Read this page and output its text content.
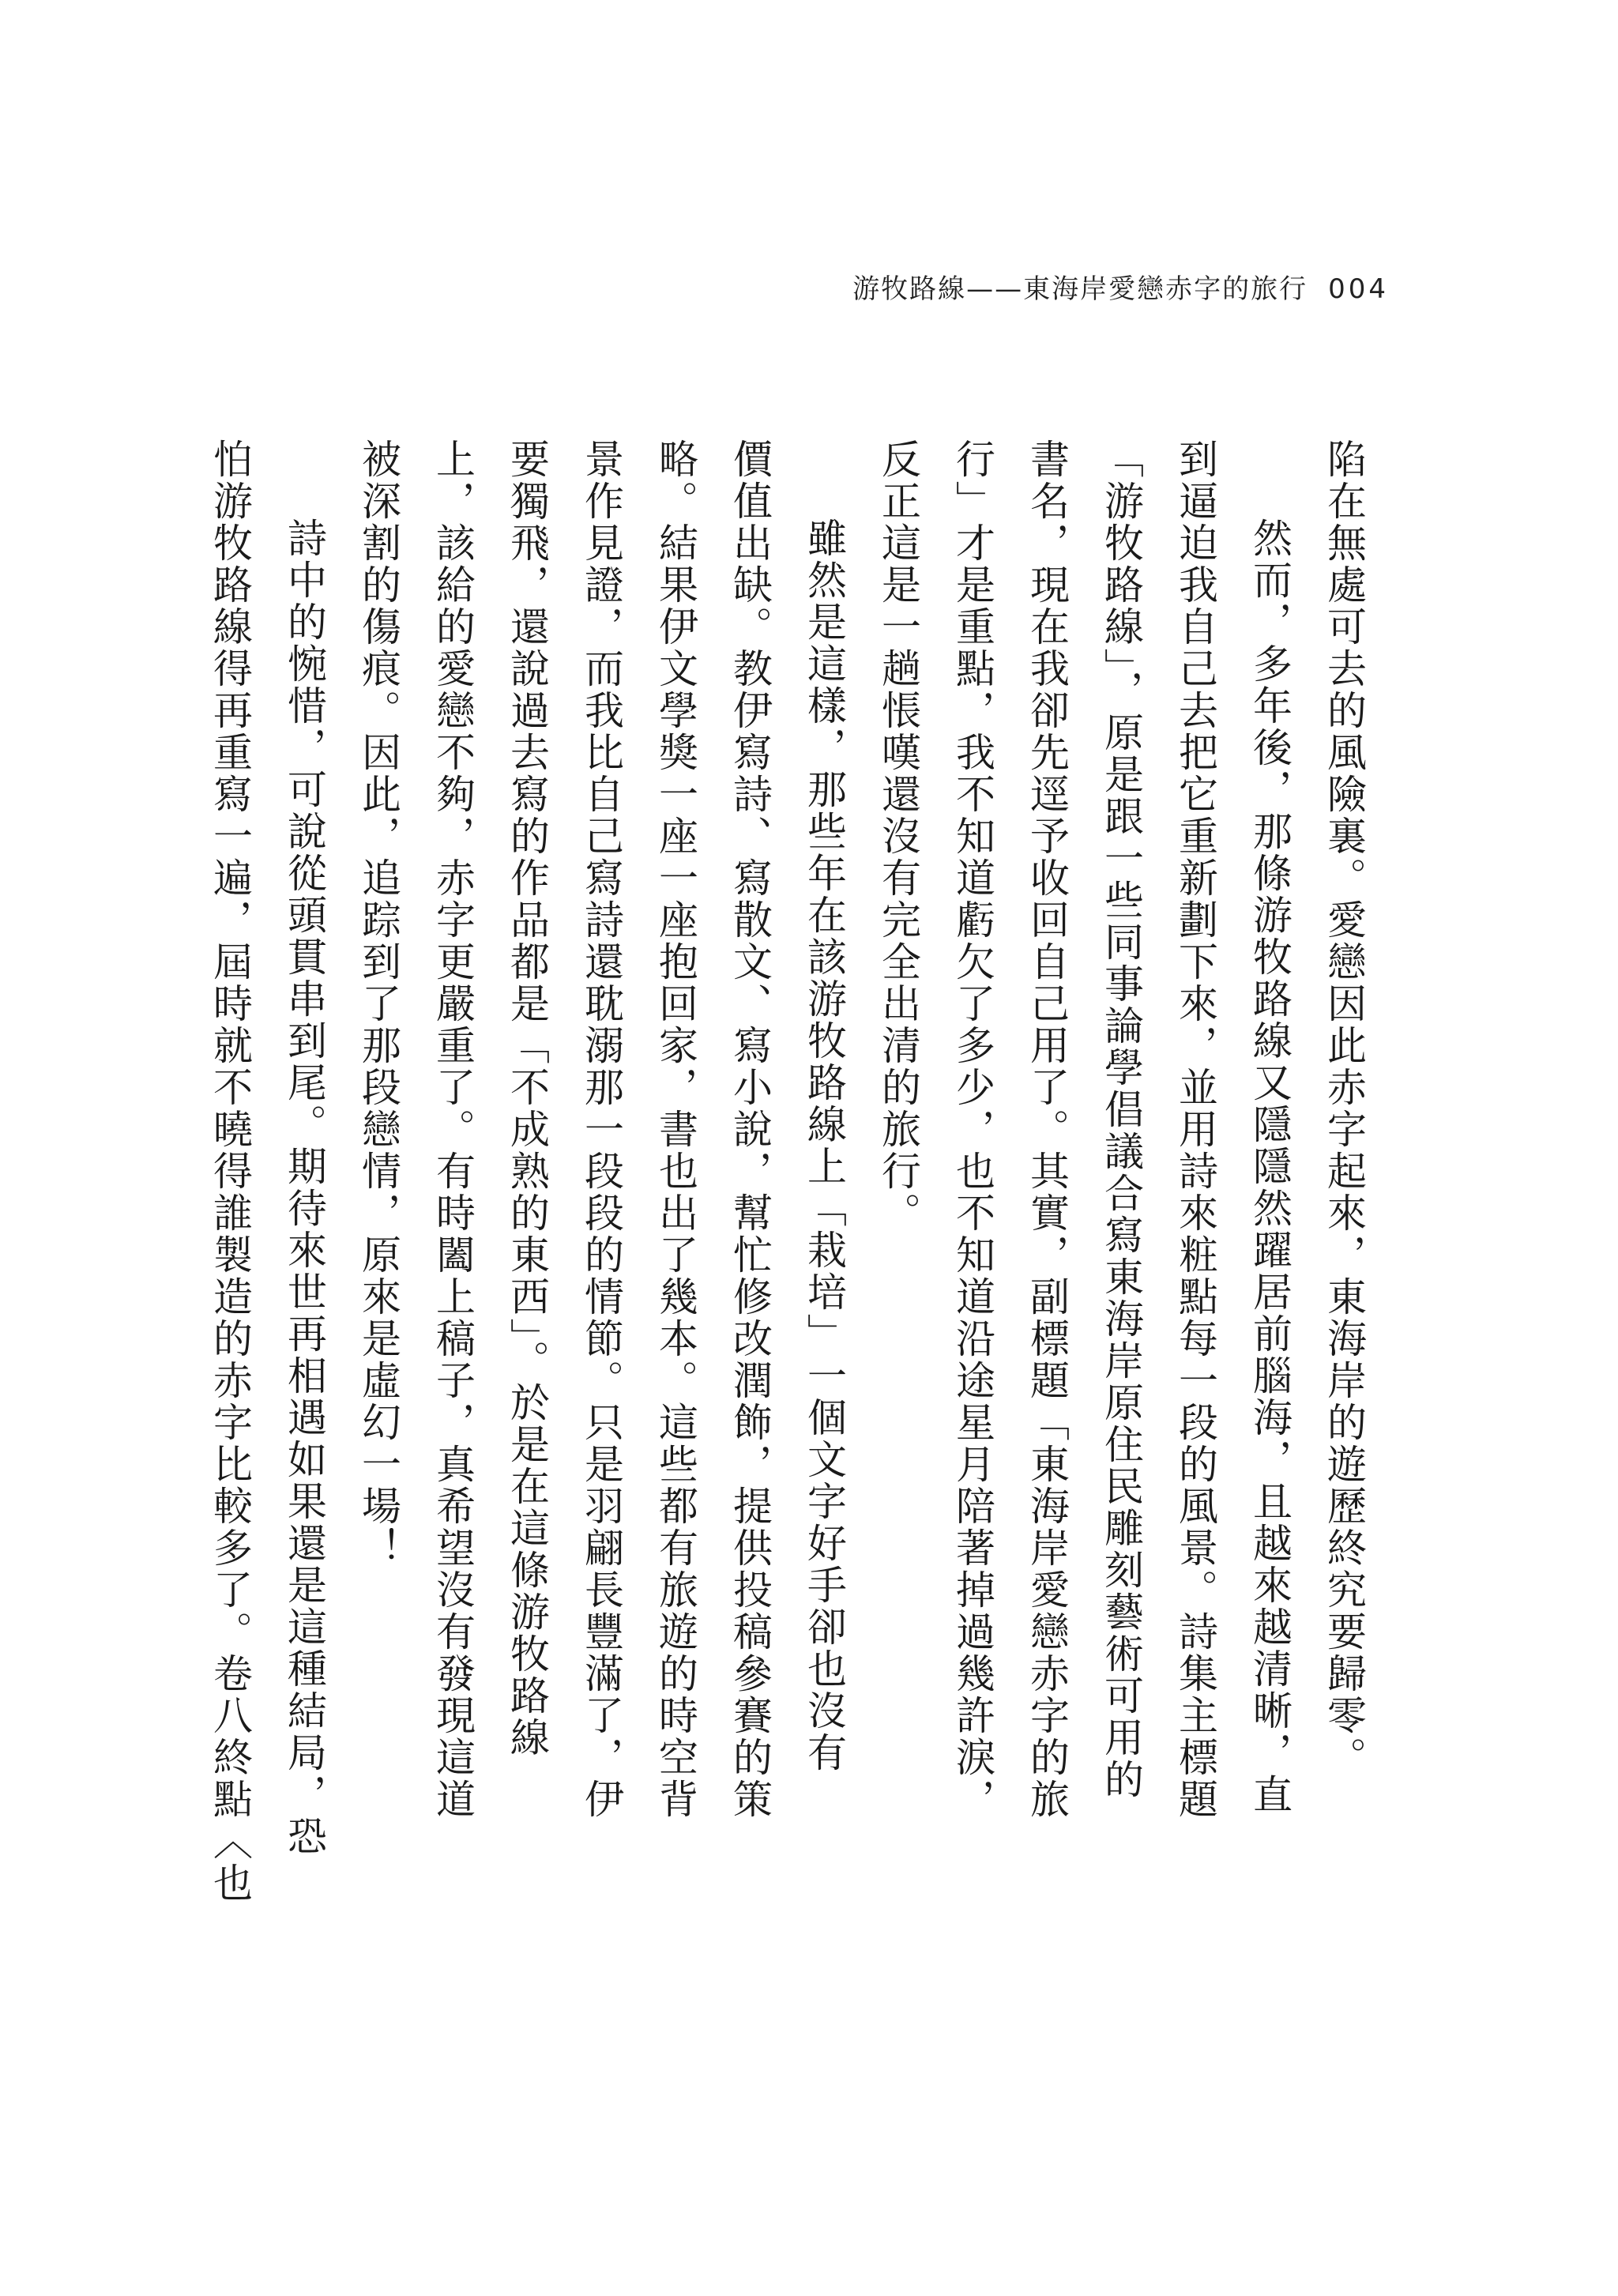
游牧路線——東海岸愛戀赤字的旅行 004
陷在無處可去的風險裏。愛戀因此赤字起來，東海岸的遊歷終究要歸零。
然而，多年後，那條游牧路線又隱隱然躍居前腦海，且越來越清晰，直
到逼迫我自己去把它重新劃下來，並用詩來粧點每一段的風景。詩集主標題
「游牧路線」，原是跟一些同事論學倡議合寫東海岸原住民雕刻藝術可用的
書名，現在我卻先逕予收回自己用了。其實，副標題「東海岸愛戀赤字的旅
行」才是重點，我不知道虧欠了多少，也不知道沿途星月陪著掉過幾許淚，
反正這是一趟悵嘆還沒有完全出清的旅行。
雖然是這樣，那些年在該游牧路線上「栽培」一個文字好手卻也沒有
價值出缺。教伊寫詩、寫散文、寫小說，幫忙修改潤飾，提供投稿參賽的策
略。結果伊文學獎一座一座抱回家，書也出了幾本。這些都有旅遊的時空背
景作見證，而我比自己寫詩還耽溺那一段段的情節。只是羽翩長豐滿了，伊
要獨飛，還說過去寫的作品都是「不成熟的東西」。於是在這條游牧路線
上，該給的愛戀不夠，赤字更嚴重了。有時闔上稿子，真希望沒有發現這道
被深割的傷痕。因此，追踪到了那段戀情，原來是虛幻一場！
詩中的惋惜，可說從頭貫串到尾。期待來世再相遇如果還是這種結局，恐
怕游牧路線得再重寫一遍，屆時就不曉得誰製造的赤字比較多了。卷八終點〈也
